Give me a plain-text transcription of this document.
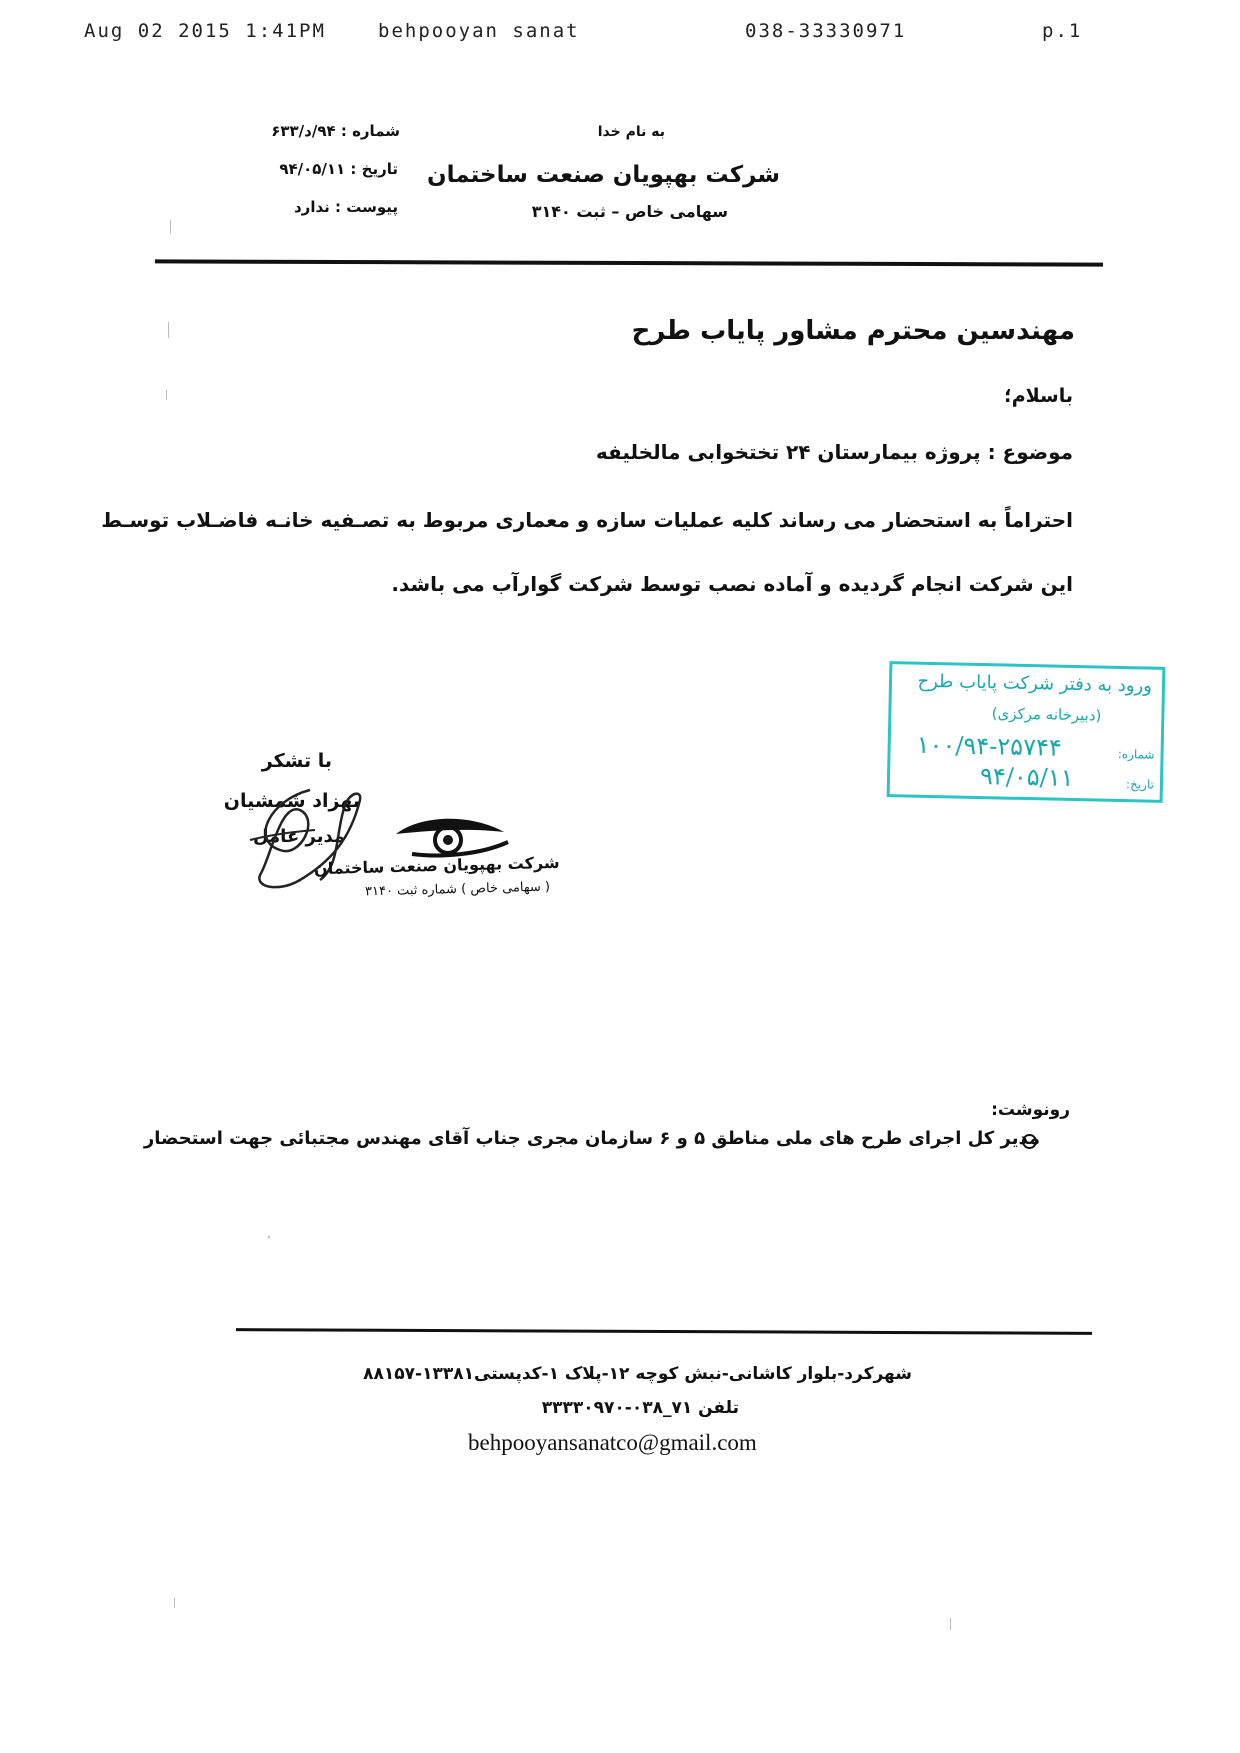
Aug 02 2015 1:41PM	behpooyan sanat	038-33330971	p.1
به نام خدا
شرکت بهپویان صنعت ساختمان
سهامی خاص – ثبت ۳۱۴۰
شماره : ۹۴/د/۶۳۳
تاریخ : ۹۴/۰۵/۱۱
پیوست : ندارد
مهندسین محترم مشاور پایاب طرح
باسلام؛
موضوع : پروژه بیمارستان ۲۴ تختخوابی مالخلیفه
احتراماً به استحضار می رساند کلیه عملیات سازه و معماری مربوط به تصـفیه خانـه فاضـلاب توسـط
این شرکت انجام گردیده و آماده نصب توسط شرکت گوارآب می باشد.
ورود به دفتر شرکت پایاب طرح
(دبیرخانه مرکزی)
شماره:
۱۰۰/۹۴-۲۵۷۴۴
تاریخ:
۹۴/۰۵/۱۱
با تشکر
بهزاد شمشیان
مدیر عامل
شرکت بهپویان صنعت ساختمان
( سهامی خاص ) شماره ثبت ۳۱۴۰
رونوشت:
مدیر کل اجرای طرح های ملی مناطق ۵ و ۶ سازمان مجری جناب آقای مهندس مجتبائی جهت استحضار
شهرکرد-بلوار کاشانی-نبش کوچه ۱۲-پلاک ۱-کدپستی۱۳۳۸۱-۸۸۱۵۷
تلفن ۷۱_۰۳۸-۳۳۳۳۰۹۷۰
behpooyansanatco@gmail.com
